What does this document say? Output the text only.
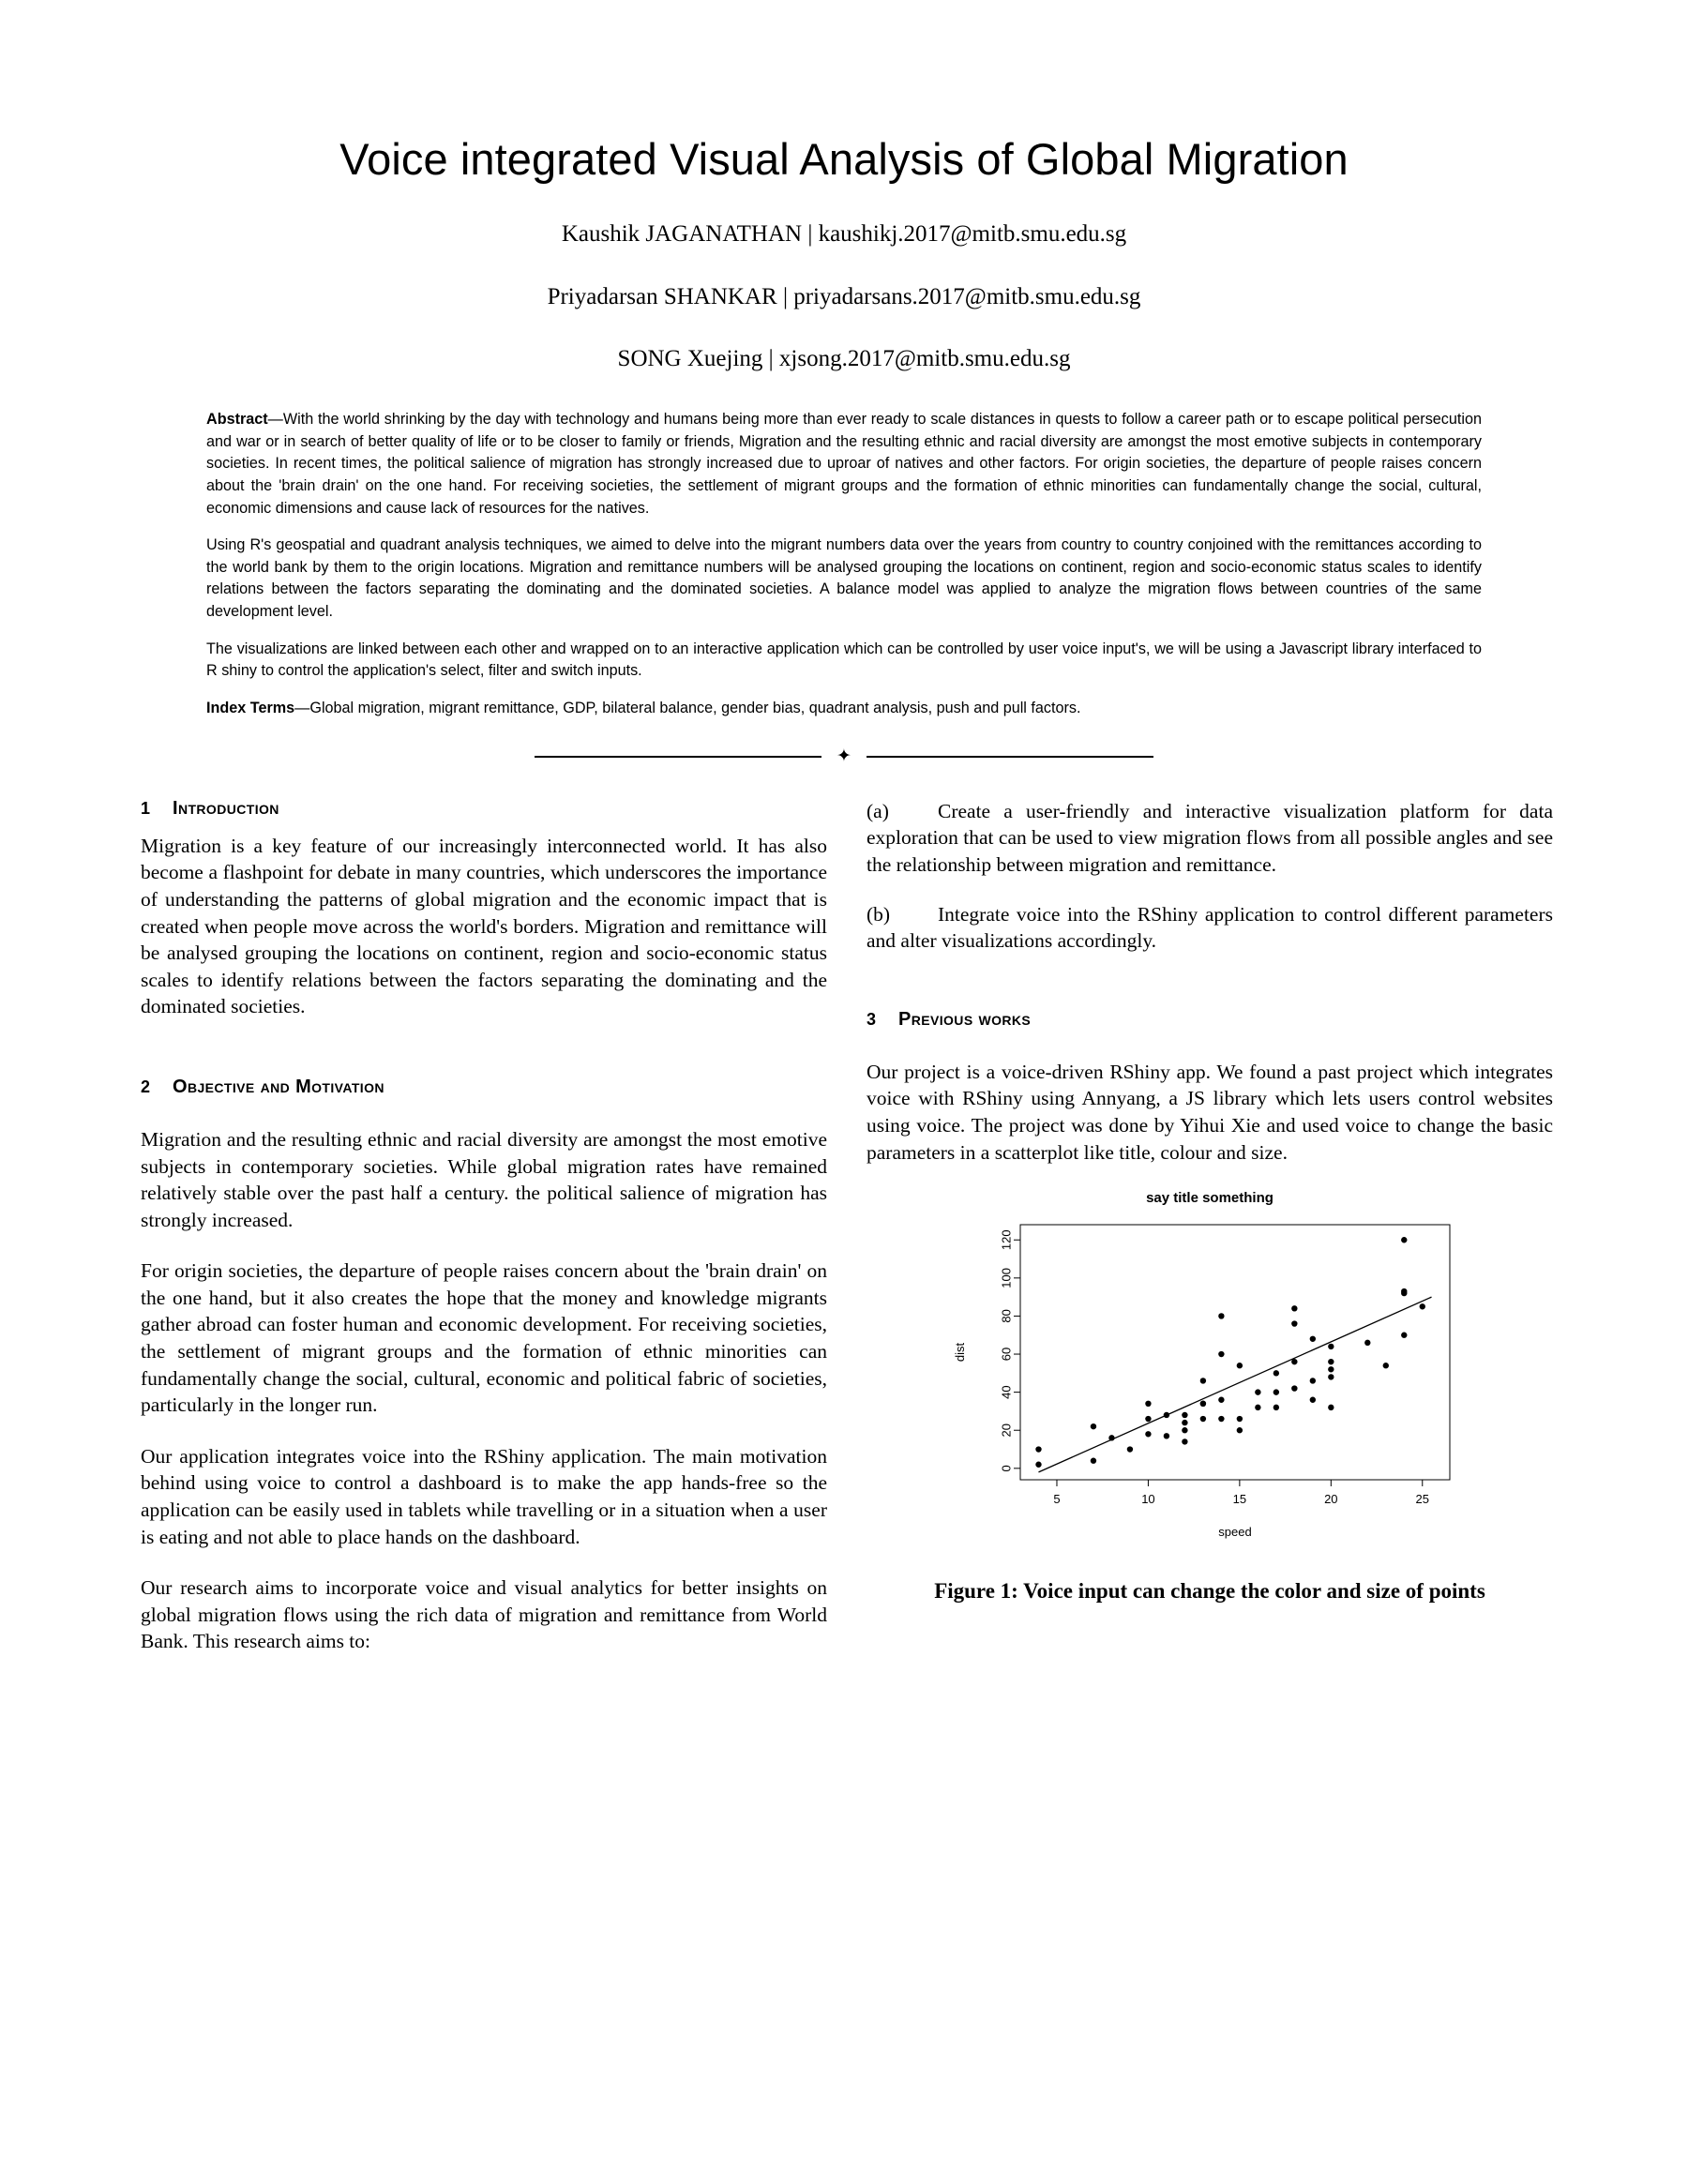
Voice integrated Visual Analysis of Global Migration
Kaushik JAGANATHAN | kaushikj.2017@mitb.smu.edu.sg
Priyadarsan SHANKAR | priyadarsans.2017@mitb.smu.edu.sg
SONG Xuejing | xjsong.2017@mitb.smu.edu.sg

Abstract—With the world shrinking by the day with technology and humans being more than ever ready to scale distances in quests to follow a career path or to escape political persecution and war or in search of better quality of life or to be closer to family or friends, Migration and the resulting ethnic and racial diversity are amongst the most emotive subjects in contemporary societies. In recent times, the political salience of migration has strongly increased due to uproar of natives and other factors. For origin societies, the departure of people raises concern about the 'brain drain' on the one hand. For receiving societies, the settlement of migrant groups and the formation of ethnic minorities can fundamentally change the social, cultural, economic dimensions and cause lack of resources for the natives.

Using R's geospatial and quadrant analysis techniques, we aimed to delve into the migrant numbers data over the years from country to country conjoined with the remittances according to the world bank by them to the origin locations. Migration and remittance numbers will be analysed grouping the locations on continent, region and socio-economic status scales to identify relations between the factors separating the dominating and the dominated societies. A balance model was applied to analyze the migration flows between countries of the same development level.

The visualizations are linked between each other and wrapped on to an interactive application which can be controlled by user voice input's, we will be using a Javascript library interfaced to R shiny to control the application's select, filter and switch inputs.

Index Terms—Global migration, migrant remittance, GDP, bilateral balance, gender bias, quadrant analysis, push and pull factors.

✦
1 Introduction

Migration is a key feature of our increasingly interconnected world. It has also become a flashpoint for debate in many countries, which underscores the importance of understanding the patterns of global migration and the economic impact that is created when people move across the world's borders. Migration and remittance will be analysed grouping the locations on continent, region and socio-economic status scales to identify relations between the factors separating the dominating and the dominated societies.

2 Objective and Motivation

Migration and the resulting ethnic and racial diversity are amongst the most emotive subjects in contemporary societies. While global migration rates have remained relatively stable over the past half a century. the political salience of migration has strongly increased.

For origin societies, the departure of people raises concern about the 'brain drain' on the one hand, but it also creates the hope that the money and knowledge migrants gather abroad can foster human and economic development. For receiving societies, the settlement of migrant groups and the formation of ethnic minorities can fundamentally change the social, cultural, economic and political fabric of societies, particularly in the longer run.

Our application integrates voice into the RShiny application. The main motivation behind using voice to control a dashboard is to make the app hands-free so the application can be easily used in tablets while travelling or in a situation when a user is eating and not able to place hands on the dashboard.

Our research aims to incorporate voice and visual analytics for better insights on global migration flows using the rich data of migration and remittance from World Bank. This research aims to:

(a) Create a user-friendly and interactive visualization platform for data exploration that can be used to view migration flows from all possible angles and see the relationship between migration and remittance.

(b) Integrate voice into the RShiny application to control different parameters and alter visualizations accordingly.

3 Previous works

Our project is a voice-driven RShiny app. We found a past project which integrates voice with RShiny using Annyang, a JS library which lets users control websites using voice. The project was done by Yihui Xie and used voice to change the basic parameters in a scatterplot like title, colour and size.

say title something
5	10	15	20	25
0
20
40
60
80
100
120
speed
dist
Figure 1: Voice input can change the color and size of points
